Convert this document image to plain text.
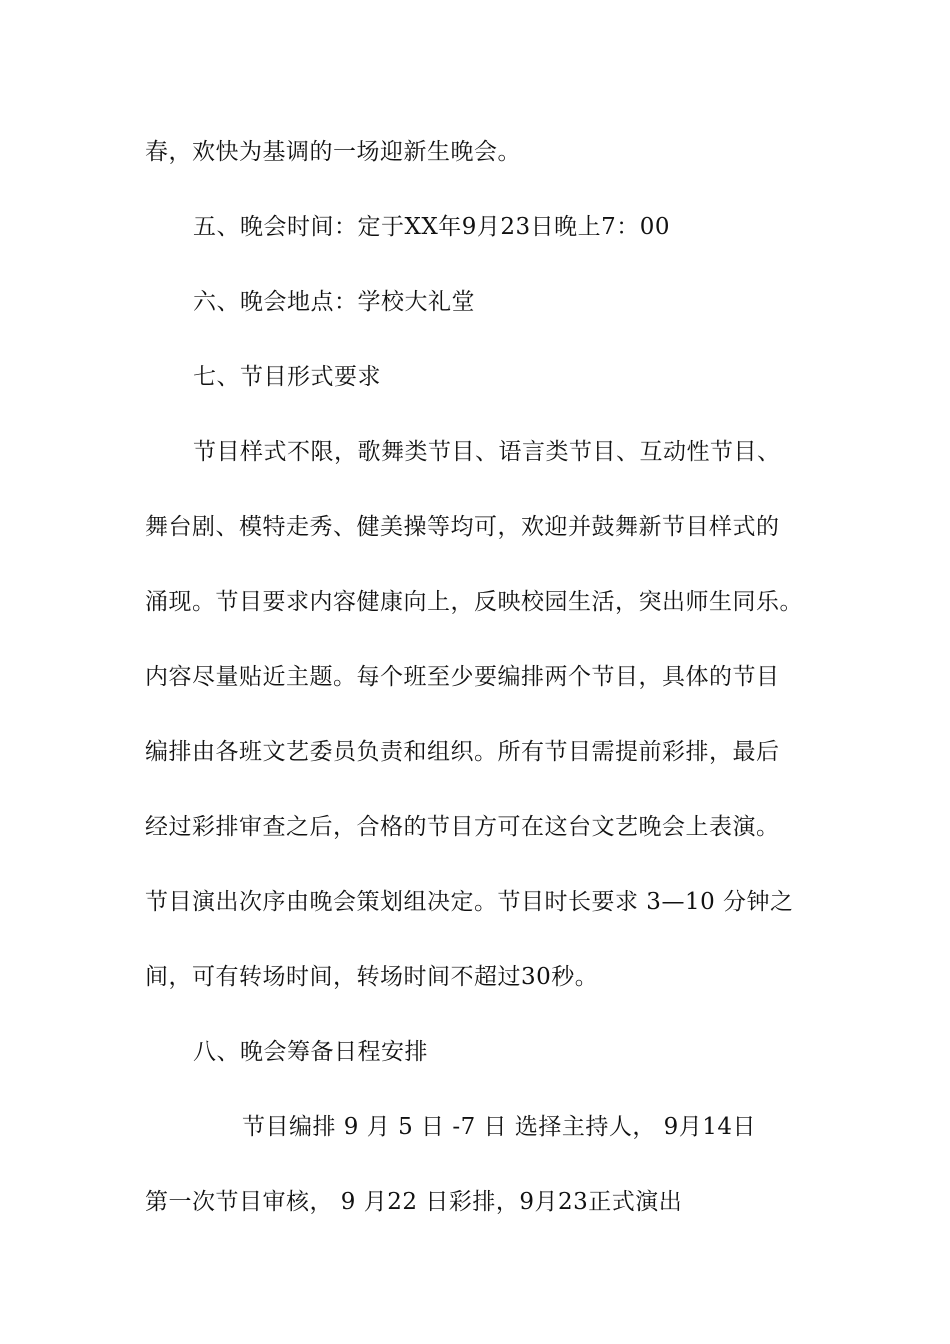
春，欢快为基调的一场迎新生晚会。
五、晚会时间：定于XX年9月23日晚上7：00
六、晚会地点：学校大礼堂
七、节目形式要求
节目样式不限，歌舞类节目、语言类节目、互动性节目、
舞台剧、模特走秀、健美操等均可，欢迎并鼓舞新节目样式的
涌现。节目要求内容健康向上，反映校园生活，突出师生同乐。
内容尽量贴近主题。每个班至少要编排两个节目，具体的节目
编排由各班文艺委员负责和组织。所有节目需提前彩排，最后
经过彩排审查之后，合格的节目方可在这台文艺晚会上表演。
节目演出次序由晚会策划组决定。节目时长要求 3—10 分钟之
间，可有转场时间，转场时间不超过30秒。
八、晚会筹备日程安排
节目编排 9 月 5 日 -7 日 选择主持人， 9月14日
第一次节目审核， 9 月22 日彩排，9月23正式演出
